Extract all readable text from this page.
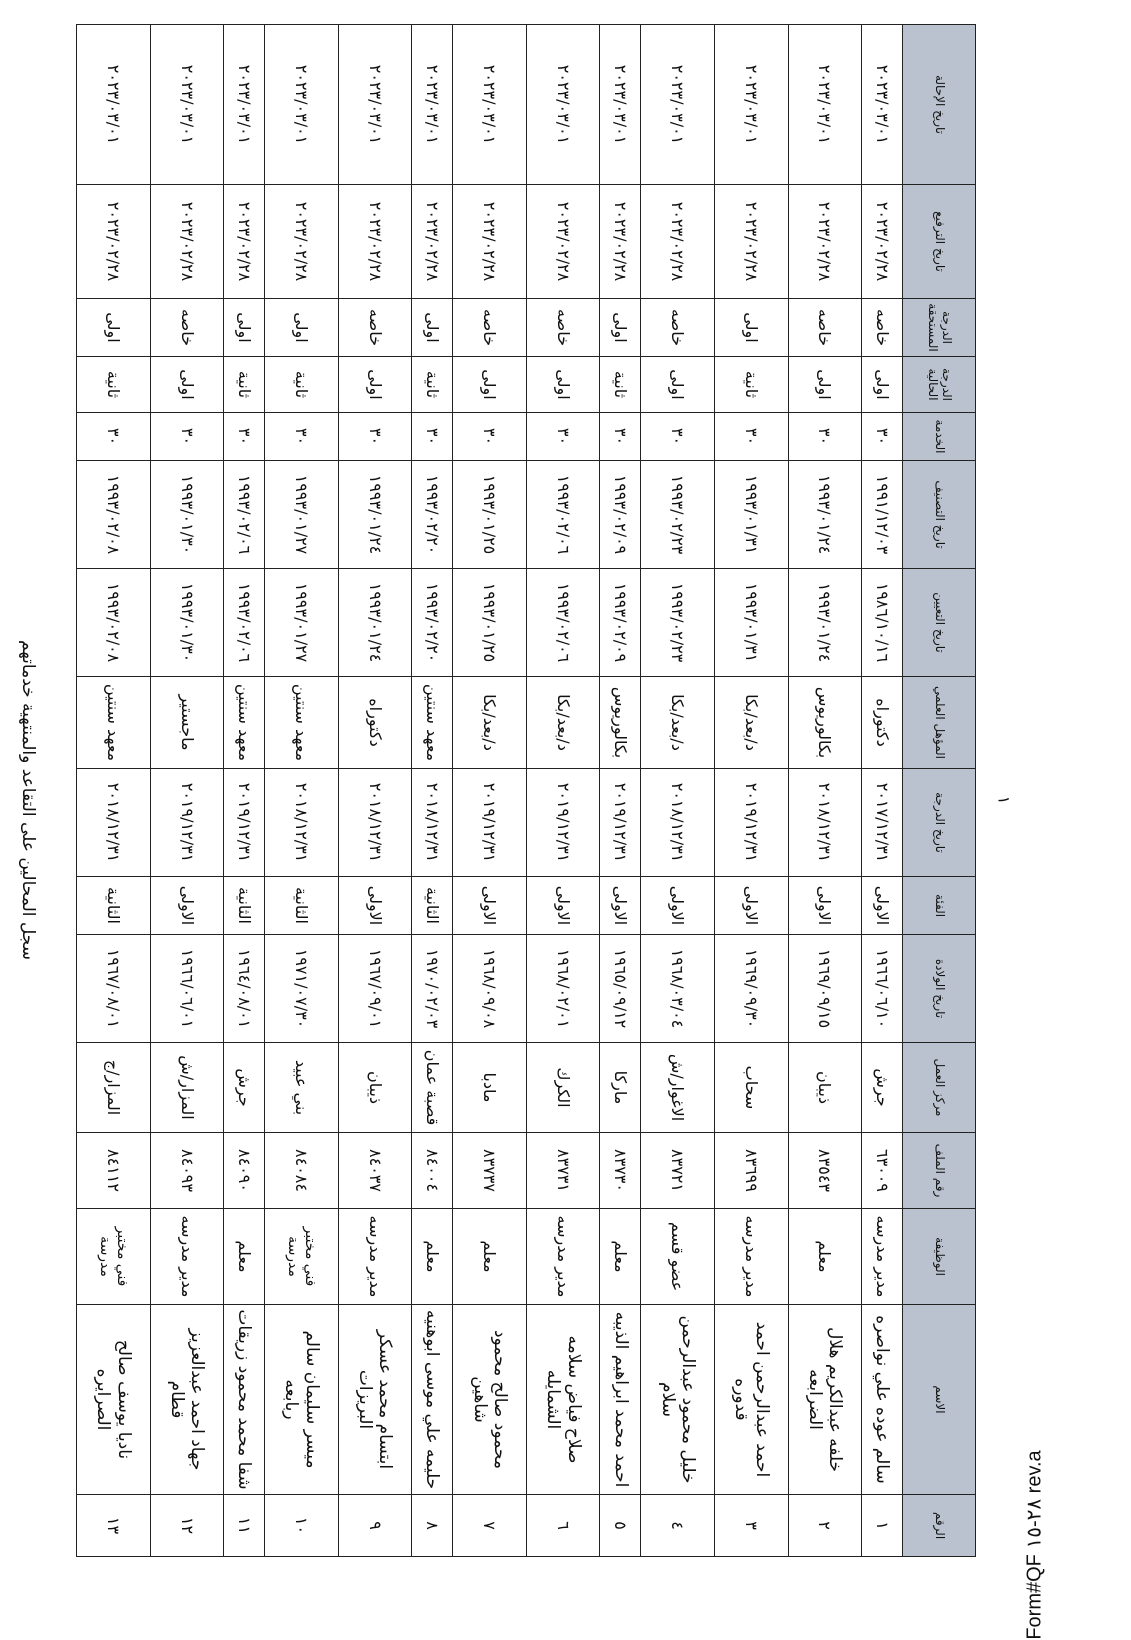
سجل المحالين على التقاعد والمنتهية خدماتهم
الرقم	الاسم	الوظيفة	رقم الملف	مركز العمل	تاريخ الولادة	الفئة	تاريخ الدرجة	المؤهل العلمي	تاريخ التعيين	تاريخ التصنيف	الخدمة	الدرجة الحالية	الدرجة المستحقة	تاريخ الترفيع	تاريخ الإحالة
١	سالم عوده علي نواصره	مدير مدرسه	٦٣٠٠٩	جرش	١٩٦٦/٠٦/١٠	الاولى	٢٠١٧/١٢/٣١	دكتوراه	١٩٨٦/١٠/١٦	١٩٩١/١٢/٠٣	٣٠	اولى	خاصه	٢٠٢٣/٠٢/٢٨	٢٠٢٣/٠٣/٠١
٢	خلفه عبدالكريم هلال الضرابعه	معلم	٨٣٥٤٣	ذيبان	١٩٦٩/٠٩/١٥	الاولى	٢٠١٨/١٢/٣١	بكالوريوس	١٩٩٣/٠١/٢٤	١٩٩٣/٠١/٢٤	٣٠	اولى	خاصه	٢٠٢٣/٠٢/٢٨	٢٠٢٣/٠٣/٠١
٣	احمد عبدالرحمن احمد قدوره	مدير مدرسه	٨٣٦٩٩	سحاب	١٩٦٩/٠٩/٣٠	الاولى	٢٠١٩/١٢/٣١	د/بعد/بكا	١٩٩٣/٠١/٣١	١٩٩٣/٠١/٣١	٣٠	ثانية	اولى	٢٠٢٣/٠٢/٢٨	٢٠٢٣/٠٣/٠١
٤	خليل محمود عبدالرحمن سلام	عضو قسم	٨٣٧٢١	الاغوار/ش	١٩٦٨/٠٣/٠٤	الاولى	٢٠١٨/١٢/٣١	د/بعد/بكا	١٩٩٣/٠٢/٢٣	١٩٩٣/٠٢/٢٣	٣٠	اولى	خاصه	٢٠٢٣/٠٢/٢٨	٢٠٢٣/٠٣/٠١
٥	احمد محمد ابراهيم الذيبه	معلم	٨٣٧٣٠	ماركا	١٩٦٥/٠٩/١٢	الاولى	٢٠١٩/١٢/٣١	بكالوريوس	١٩٩٣/٠٢/٠٩	١٩٩٣/٠٢/٠٩	٣٠	ثانية	اولى	٢٠٢٣/٠٢/٢٨	٢٠٢٣/٠٣/٠١
٦	صلاح فياض سلامه الشمايله	مدير مدرسه	٨٣٧٣١	الكرك	١٩٦٨/٠٢/٠١	الاولى	٢٠١٩/١٢/٣١	د/بعد/بكا	١٩٩٣/٠٢/٠٦	١٩٩٣/٠٢/٠٦	٣٠	اولى	خاصه	٢٠٢٣/٠٢/٢٨	٢٠٢٣/٠٣/٠١
٧	محمود صالح محمود شاهين	معلم	٨٣٧٣٧	مادبا	١٩٦٨/٠٩/٠٨	الاولى	٢٠١٩/١٢/٣١	د/بعد/بكا	١٩٩٣/٠١/٢٥	١٩٩٣/٠١/٢٥	٣٠	اولى	خاصه	٢٠٢٣/٠٢/٢٨	٢٠٢٣/٠٣/٠١
٨	حليمه علي موسى ابوهنيه	معلم	٨٤٠٠٤	قصبة عمان	١٩٧٠/٠٢/٠٣	الثانية	٢٠١٨/١٢/٣١	معهد سنتين	١٩٩٣/٠٢/٢٠	١٩٩٣/٠٢/٢٠	٣٠	ثانية	اولى	٢٠٢٣/٠٢/٢٨	٢٠٢٣/٠٣/٠١
٩	ابتسام محمد عسكر البريزات	مدير مدرسه	٨٤٠٣٧	ذيبان	١٩٦٧/٠٩/٠١	الاولى	٢٠١٨/١٢/٣١	دكتوراه	١٩٩٣/٠١/٢٤	١٩٩٣/٠١/٢٤	٣٠	اولى	خاصه	٢٠٢٣/٠٢/٢٨	٢٠٢٣/٠٣/٠١
١٠	ميسر سليمان سالم ربابعه	فني مختبر مدرسة	٨٤٠٨٤	بني عبيد	١٩٧١/٠٧/٣٠	الثانية	٢٠١٨/١٢/٣١	معهد سنتين	١٩٩٣/٠١/٢٧	١٩٩٣/٠١/٢٧	٣٠	ثانية	اولى	٢٠٢٣/٠٢/٢٨	٢٠٢٣/٠٣/٠١
١١	شفا محمد محمود زريقات	معلم	٨٤٠٩٠	جرش	١٩٦٤/٠٨/٠١	الثانية	٢٠١٩/١٢/٣١	معهد سنتين	١٩٩٣/٠٢/٠٦	١٩٩٣/٠٢/٠٦	٣٠	ثانية	اولى	٢٠٢٣/٠٢/٢٨	٢٠٢٣/٠٣/٠١
١٢	جهاد احمد عبدالعزيز قطام	مدير مدرسه	٨٤٠٩٣	المزار/ش	١٩٦٦/٠٦/٠١	الاولى	٢٠١٩/١٢/٣١	ماجستير	١٩٩٣/٠١/٣٠	١٩٩٣/٠١/٣٠	٣٠	اولى	خاصه	٢٠٢٣/٠٢/٢٨	٢٠٢٣/٠٣/٠١
١٣	ناديا يوسف صالح الصرايره	فني مختبر مدرسة	٨٤١١٢	المزار/ج	١٩٦٧/٠٨/٠١	الثانية	٢٠١٨/١٢/٣١	معهد سنتين	١٩٩٣/٠٢/٠٨	١٩٩٣/٠٢/٠٨	٣٠	ثانية	اولى	٢٠٢٣/٠٢/٢٨	٢٠٢٣/٠٣/٠١
١
Form#QF ٢٨-١٥ rev.a
